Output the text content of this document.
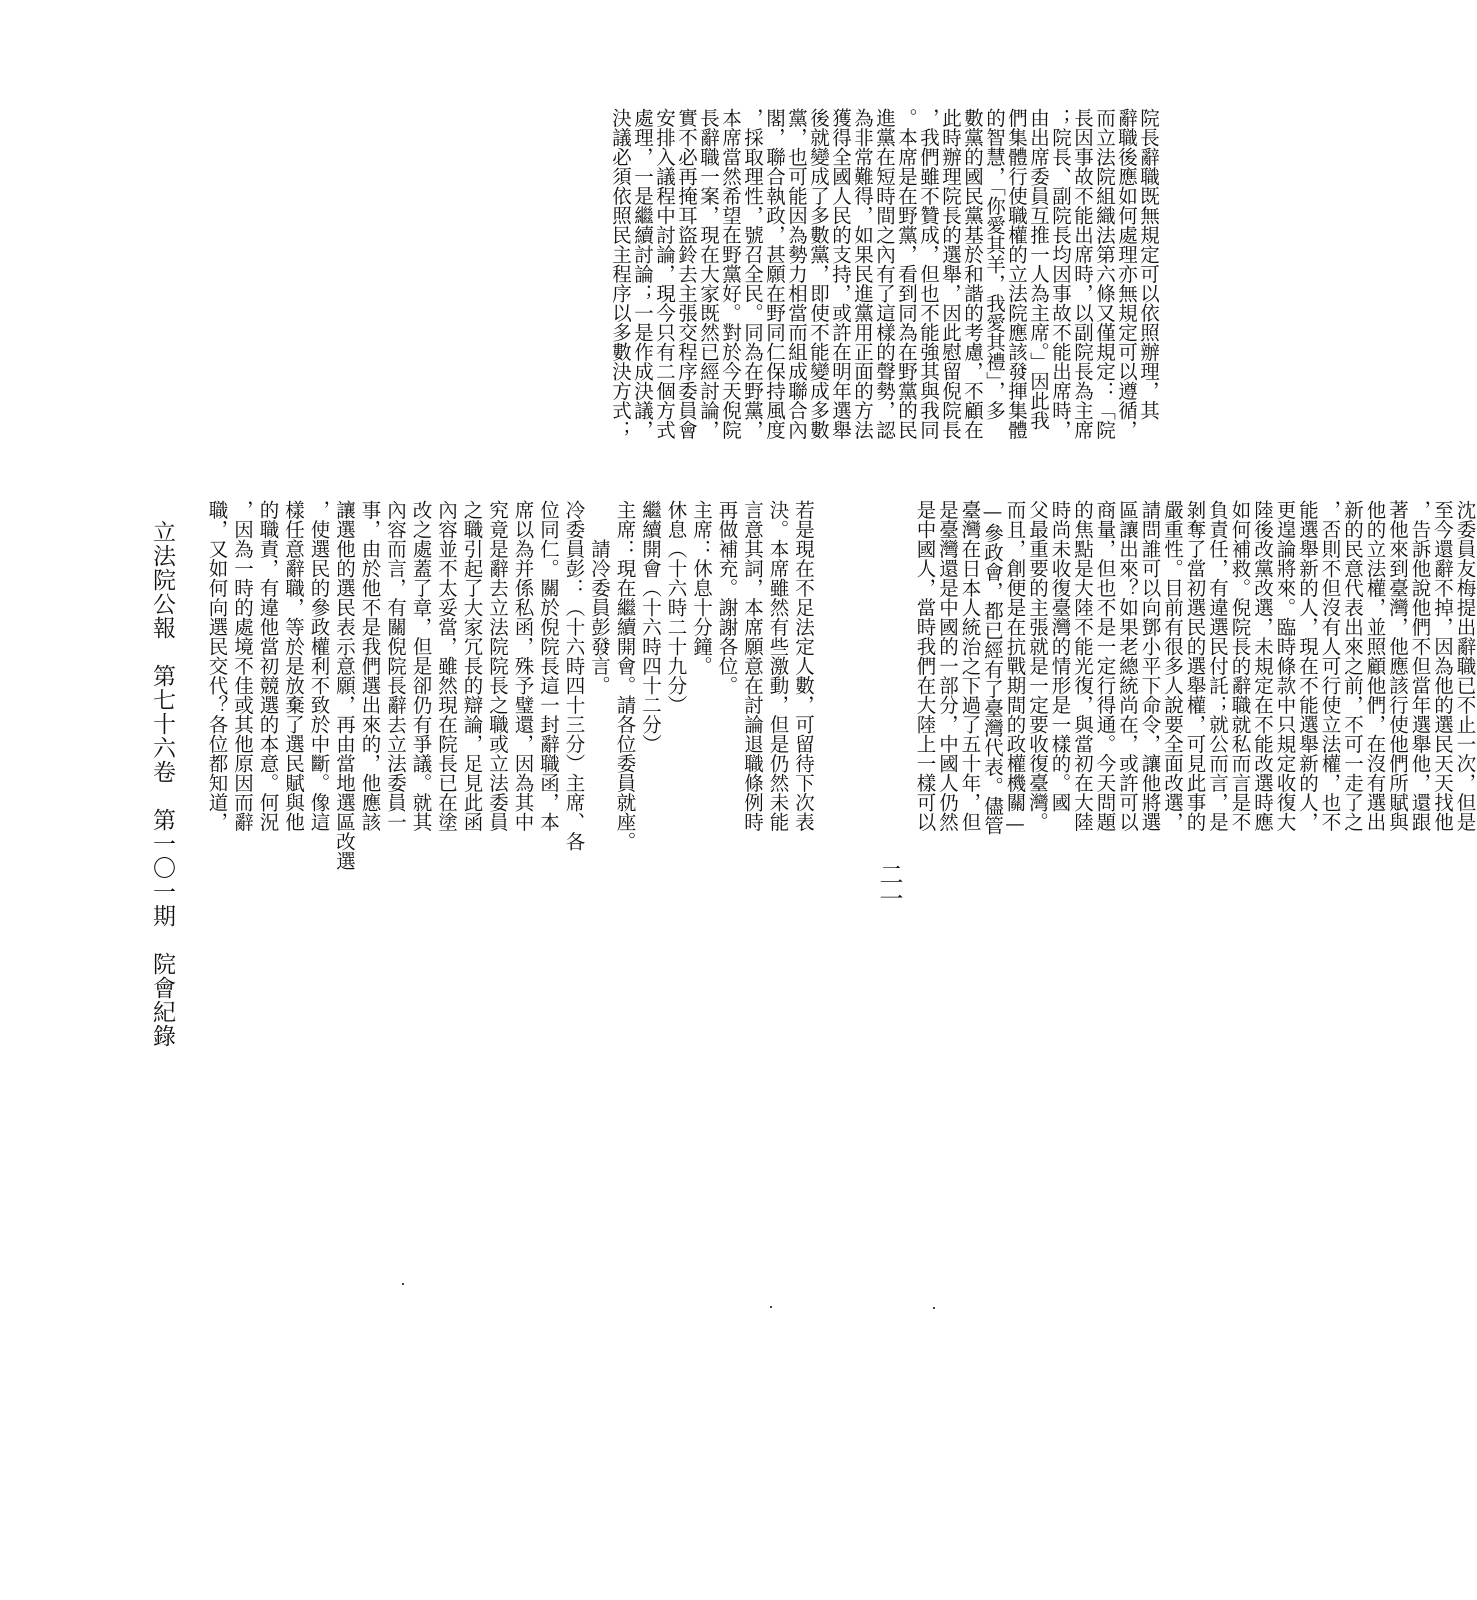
立法院公報　第七十六卷　第一〇一期　院會紀錄
二一
院長辭職既無規定可以依照辦理，其
辭職後應如何處理亦無規定可以遵循，
而立法院組織法第六條又僅規定：「院
長因事故不能出席時，以副院長為主席
；院長、副院長均因事故不能出席時，
由出席委員互推一人為主席。」因此我
們集體行使職權的立法院應該發揮集體
的智慧，「你愛其羊，我愛其禮」，多
數黨的國民黨基於和諧的考慮，不顧在
此時辦理院長的選舉，因此慰留倪院長
，我們雖不贊成，但也不能強其與我同
。本席是在野黨，看到同為在野黨的民
進黨在短時間之內有了這樣的聲勢，認
為非常難得，如果民進黨用正面的方法
獲得全國人民的支持，或許在明年選舉
後就變成了多數黨，即使不能變成多數
黨，也可能因為勢力相當而組成聯合內
閣，聯合執政，甚願在野同仁保持風度
，採取理性，號召全民。同為在野黨，
本席當然希望在野黨好。對於今天倪院
長辭職一案，現在大家既然已經討論，
實不必再掩耳盜鈴去主張交程序委員會
安排入議程中討論，現今只有二個方式
處理，一是繼續討論；一是作成決議，
決議必須依照民主程序以多數決方式；
若是現在不足法定人數，可留待下次表
決。本席雖然有些激動，但是仍然未能
言意其詞，本席願意在討論退職條例時
再做補充。謝謝各位。
主席：休息十分鐘。
休息（十六時二十九分）
繼續開會（十六時四十二分）
主席：現在繼續開會。請各位委員就座。
　　請冷委員彭發言。
冷委員彭：（十六時四十三分）主席、各
位同仁。關於倪院長這一封辭職函，本
席以為并係私函，殊予璧還，因為其中
究竟是辭去立法院院長之職或立法委員
之職引起了大家冗長的辯論，足見此函
內容並不太妥當，雖然現在院長已在塗
改之處蓋了章，但是卻仍有爭議。就其
內容而言，有關倪院長辭去立法委員一
事，由於他不是我們選出來的，他應該
讓選他的選民表示意願，再由當地選區改選
，使選民的參政權利不致於中斷。像這
樣任意辭職，等於是放棄了選民賦與他
的職責，有違他當初競選的本意。何況
，因為一時的處境不佳或其他原因而辭
職，又如何向選民交代？各位都知道，	沈委員友梅提出辭職已不止一次，但是
至今還辭不掉，因為他的選民天天找他
，告訴他說他們不但當年選舉他，還跟
著他來到臺灣，他應該行使他們所賦與
他的立法權，並照顧他們，在沒有選出
新的民意代表出來之前，不可一走了之
，否則不但沒有人可行使立法權，也不
能選舉新的人，現在不能選舉新的人，
更遑論將來。臨時條款中只規定收復大
陸後改黨改選，未規定在不能改選時應
如何補救。倪院長的辭職就私而言是不
負責任，有違選民付託；就公而言，是
剝奪了當初選民的選舉權，可見此事的
嚴重性。目前有很多人說要全面改選，
請問誰可以向鄧小平下命令，讓他將選
區讓出來？如果老總統尚在，或許可以
商量，但也不是一定行得通。今天問題
的焦點是大陸不能光復，與當初在大陸
時尚未收復臺灣的情形是一樣的。國
父最重要的主張就是一定要收復臺灣。
而且，創便是在抗戰期間的政權機關—
—參政會，都已經有了臺灣代表。儘管
臺灣在日本人統治之下過了五十年，但
是臺灣還是中國的一部分，中國人仍然
是中國人，當時我們在大陸上一樣可以
